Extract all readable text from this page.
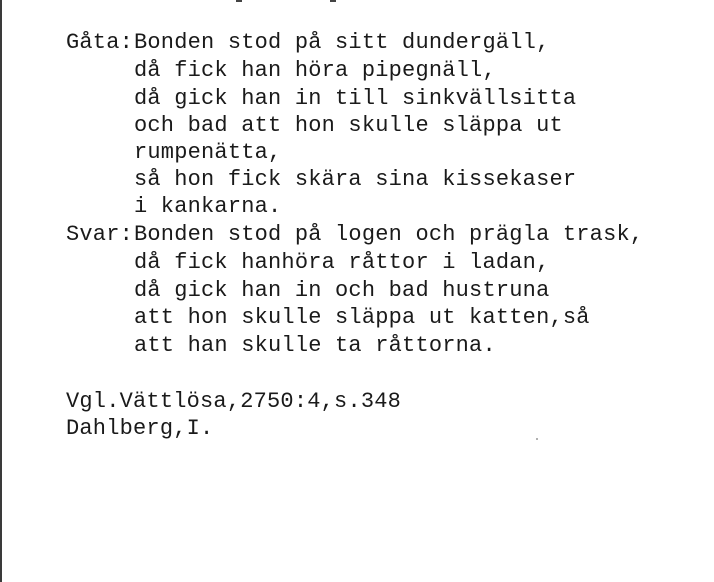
Gåta:Bonden stod på sitt dundergäll,
då fick han höra pipegnäll,
då gick han in till sinkvällsitta
och bad att hon skulle släppa ut
rumpenätta,
så hon fick skära sina kissekaser
i kankarna.
Svar:Bonden stod på logen och prägla trask,
då fick hanhöra råttor i ladan,
då gick han in och bad hustruna
att hon skulle släppa ut katten,så
att han skulle ta råttorna.
Vgl.Vättlösa,2750:4,s.348
Dahlberg,I.
